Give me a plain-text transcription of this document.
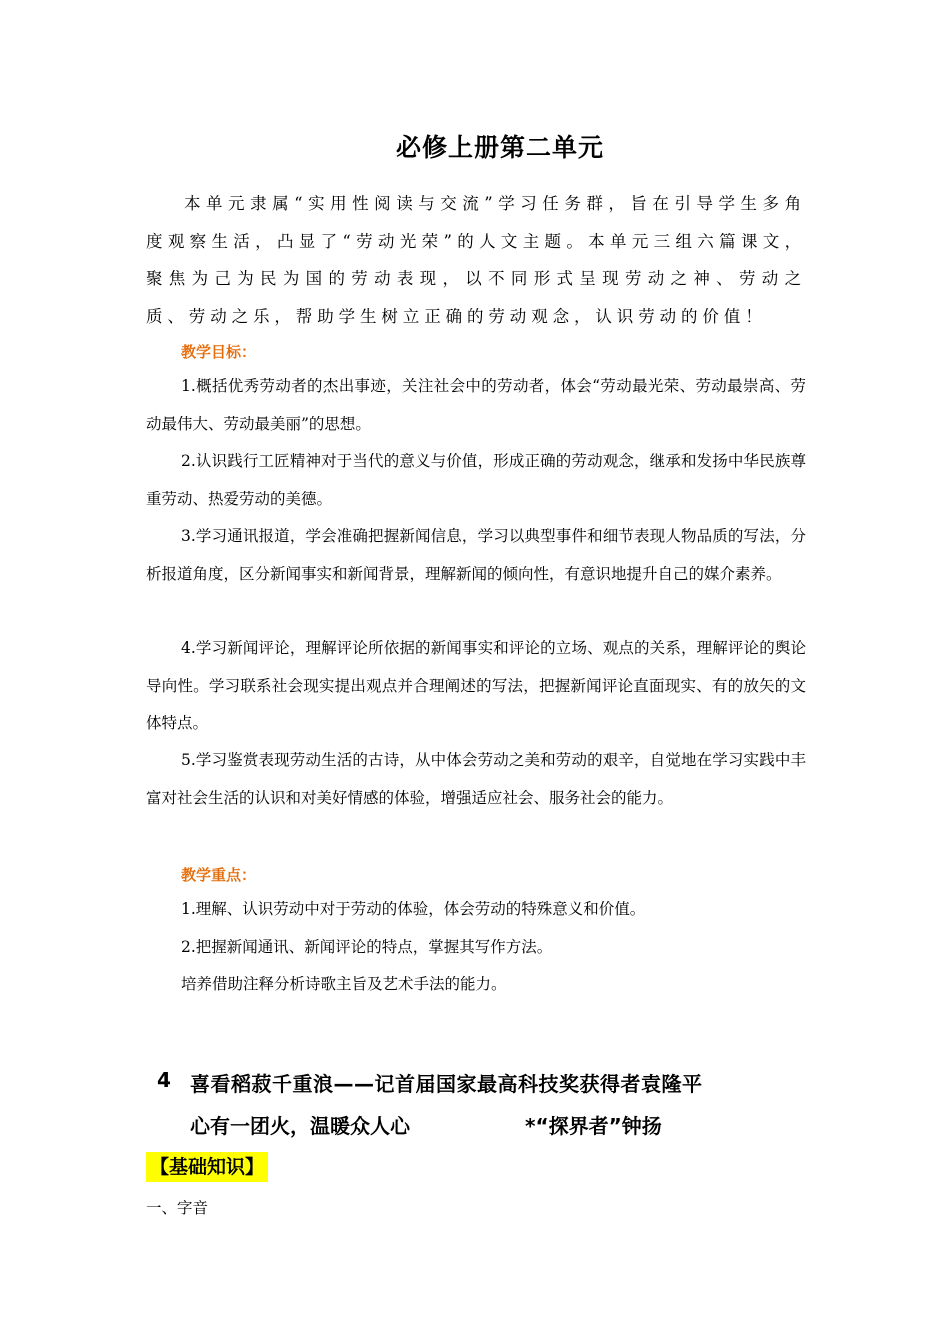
必修上册第二单元
本单元隶属“实用性阅读与交流”学习任务群，旨在引导学生多角度观察生活，凸显了“劳动光荣”的人文主题。本单元三组六篇课文，聚焦为己为民为国的劳动表现，以不同形式呈现劳动之神、劳动之质、劳动之乐，帮助学生树立正确的劳动观念，认识劳动的价值！
教学目标：
1.概括优秀劳动者的杰出事迹，关注社会中的劳动者，体会“劳动最光荣、劳动最崇高、劳动最伟大、劳动最美丽”的思想。
2.认识践行工匠精神对于当代的意义与价值，形成正确的劳动观念，继承和发扬中华民族尊重劳动、热爱劳动的美德。
3.学习通讯报道，学会准确把握新闻信息，学习以典型事件和细节表现人物品质的写法，分析报道角度，区分新闻事实和新闻背景，理解新闻的倾向性，有意识地提升自己的媒介素养。
4.学习新闻评论，理解评论所依据的新闻事实和评论的立场、观点的关系，理解评论的舆论导向性。学习联系社会现实提出观点并合理阐述的写法，把握新闻评论直面现实、有的放矢的文体特点。
5.学习鉴赏表现劳动生活的古诗，从中体会劳动之美和劳动的艰辛，自觉地在学习实践中丰富对社会生活的认识和对美好情感的体验，增强适应社会、服务社会的能力。
教学重点：
1.理解、认识劳动中对于劳动的体验，体会劳动的特殊意义和价值。
2.把握新闻通讯、新闻评论的特点，掌握其写作方法。
培养借助注释分析诗歌主旨及艺术手法的能力。
4 喜看稻菽千重浪——记首届国家最高科技奖获得者袁隆平
心有一团火，温暖众人心	*“探界者”钟扬
【基础知识】
一、字音
